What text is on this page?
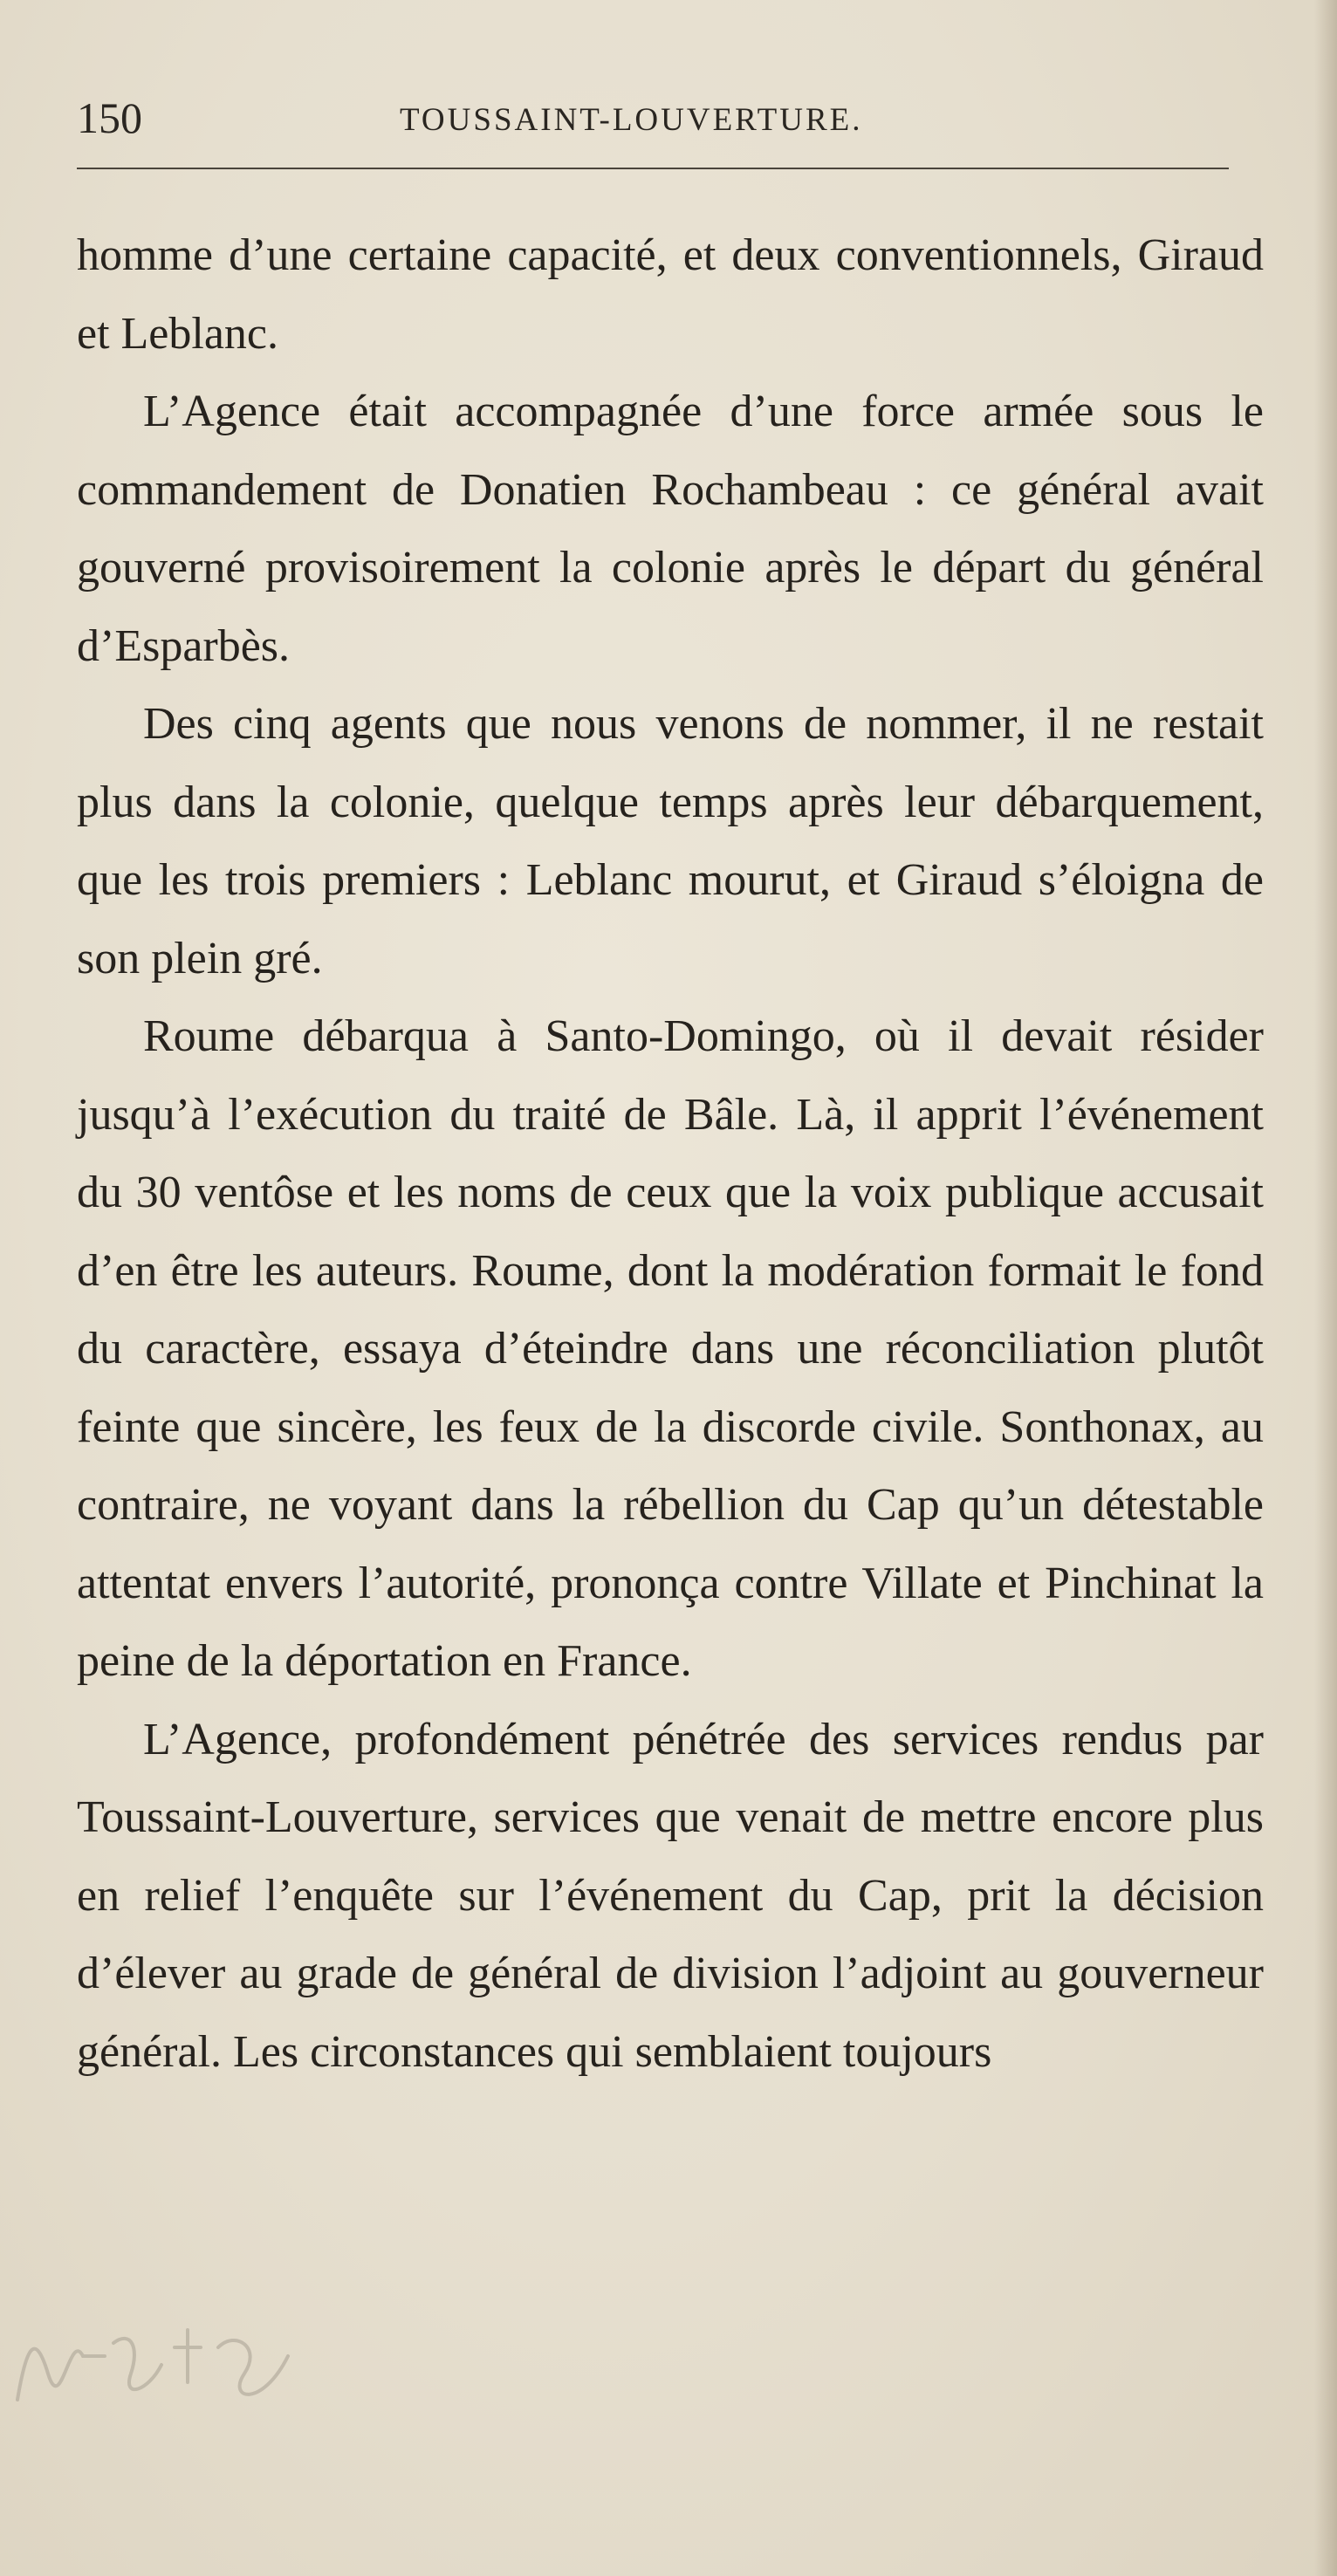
150	TOUSSAINT-LOUVERTURE.

homme d’une certaine capacité, et deux conventionnels, Giraud et Leblanc.

L’Agence était accompagnée d’une force armée sous le commandement de Donatien Rochambeau : ce général avait gouverné provisoirement la colonie après le départ du général d’Esparbès.

Des cinq agents que nous venons de nommer, il ne restait plus dans la colonie, quelque temps après leur débarquement, que les trois premiers : Leblanc mourut, et Giraud s’éloigna de son plein gré.

Roume débarqua à Santo-Domingo, où il devait résider jusqu’à l’exécution du traité de Bâle. Là, il apprit l’événement du 30 ventôse et les noms de ceux que la voix publique accusait d’en être les auteurs. Roume, dont la modération formait le fond du caractère, essaya d’éteindre dans une réconciliation plutôt feinte que sincère, les feux de la discorde civile. Sonthonax, au contraire, ne voyant dans la rébellion du Cap qu’un détestable attentat envers l’autorité, prononça contre Villate et Pinchinat la peine de la déportation en France.

L’Agence, profondément pénétrée des services rendus par Toussaint-Louverture, services que venait de mettre encore plus en relief l’enquête sur l’événement du Cap, prit la décision d’élever au grade de général de division l’adjoint au gouverneur général. Les circonstances qui semblaient toujours
